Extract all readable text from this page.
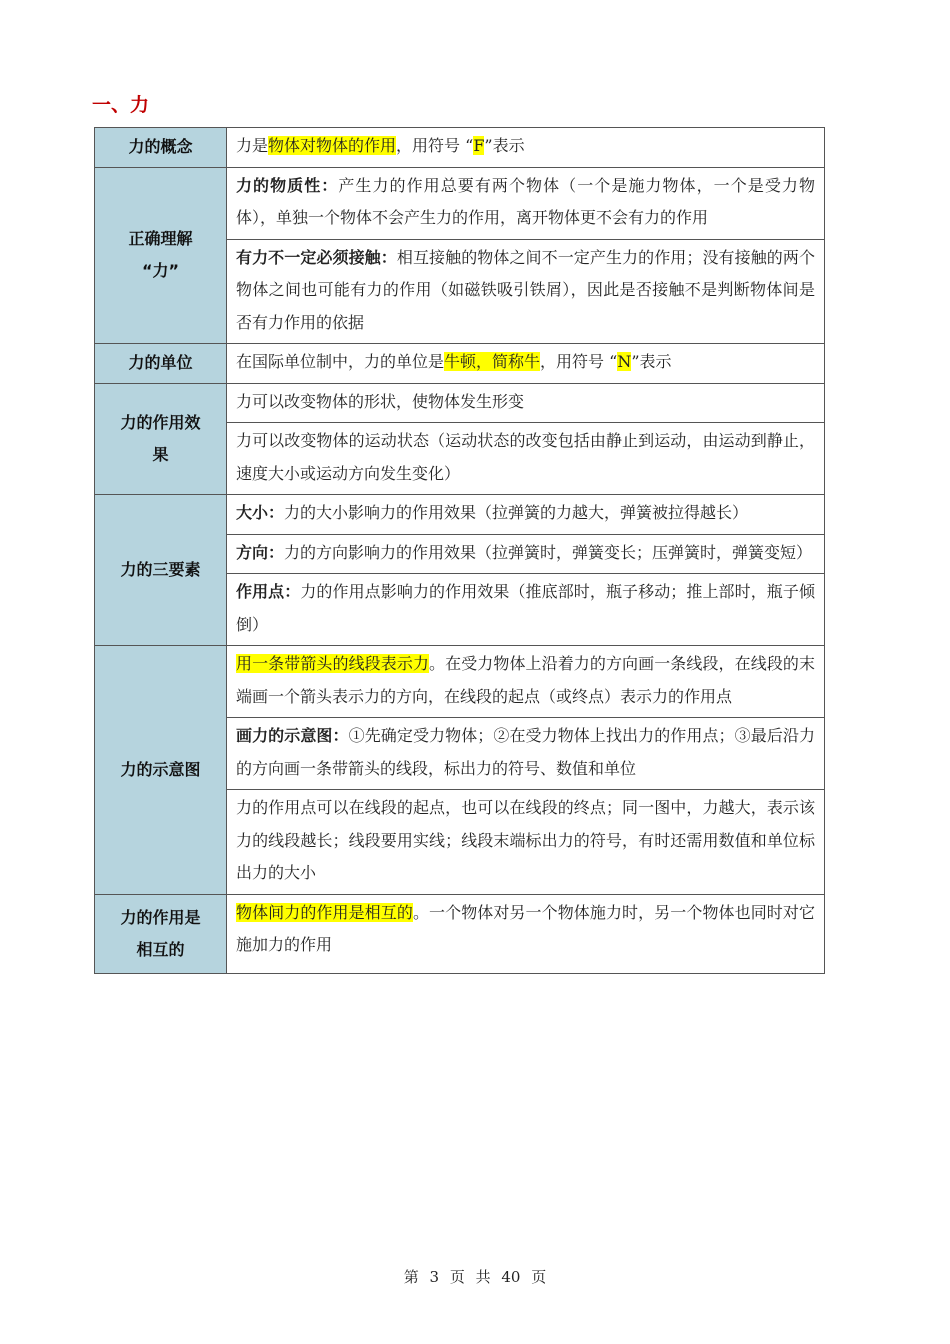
一、力
力的概念	力是物体对物体的作用，用符号 “F”表示
正确理解
“力”	力的物质性：产生力的作用总要有两个物体（一个是施力物体，一个是受力物体），单独一个物体不会产生力的作用，离开物体更不会有力的作用
	有力不一定必须接触：相互接触的物体之间不一定产生力的作用；没有接触的两个物体之间也可能有力的作用（如磁铁吸引铁屑），因此是否接触不是判断物体间是否有力作用的依据
力的单位	在国际单位制中，力的单位是牛顿，简称牛，用符号 “N”表示
力的作用效
果	力可以改变物体的形状，使物体发生形变
	力可以改变物体的运动状态（运动状态的改变包括由静止到运动，由运动到静止，速度大小或运动方向发生变化）
力的三要素	大小：力的大小影响力的作用效果（拉弹簧的力越大，弹簧被拉得越长）
	方向：力的方向影响力的作用效果（拉弹簧时，弹簧变长；压弹簧时，弹簧变短）
	作用点：力的作用点影响力的作用效果（推底部时，瓶子移动；推上部时，瓶子倾倒）
力的示意图	用一条带箭头的线段表示力。在受力物体上沿着力的方向画一条线段，在线段的末端画一个箭头表示力的方向，在线段的起点（或终点）表示力的作用点
	画力的示意图：①先确定受力物体；②在受力物体上找出力的作用点；③最后沿力的方向画一条带箭头的线段，标出力的符号、数值和单位
	力的作用点可以在线段的起点，也可以在线段的终点；同一图中，力越大，表示该力的线段越长；线段要用实线；线段末端标出力的符号，有时还需用数值和单位标出力的大小
力的作用是
相互的	物体间力的作用是相互的。一个物体对另一个物体施力时，另一个物体也同时对它施加力的作用
第 3 页 共 40 页
